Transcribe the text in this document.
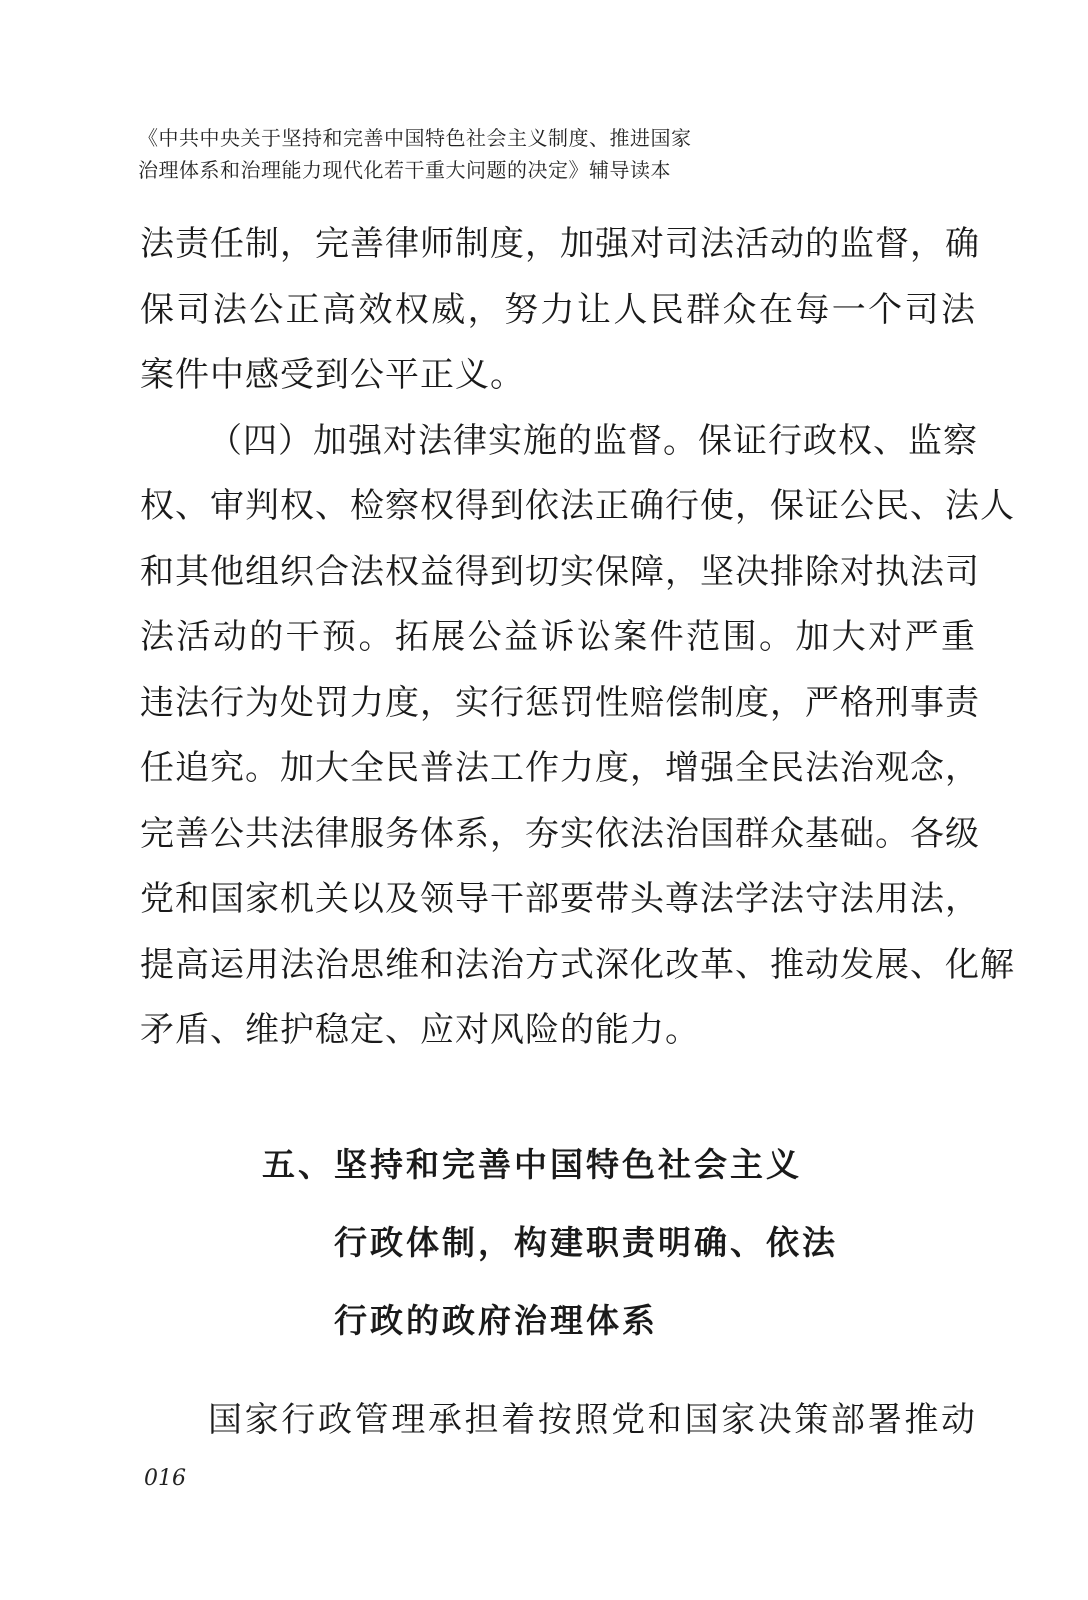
《中共中央关于坚持和完善中国特色社会主义制度、推进国家
治理体系和治理能力现代化若干重大问题的决定》辅导读本
法责任制，完善律师制度，加强对司法活动的监督，确
保司法公正高效权威，努力让人民群众在每一个司法
案件中感受到公平正义。
（四）加强对法律实施的监督。保证行政权、监察
权、审判权、检察权得到依法正确行使，保证公民、法人
和其他组织合法权益得到切实保障，坚决排除对执法司
法活动的干预。拓展公益诉讼案件范围。加大对严重
违法行为处罚力度，实行惩罚性赔偿制度，严格刑事责
任追究。加大全民普法工作力度，增强全民法治观念，
完善公共法律服务体系，夯实依法治国群众基础。各级
党和国家机关以及领导干部要带头尊法学法守法用法，
提高运用法治思维和法治方式深化改革、推动发展、化解
矛盾、维护稳定、应对风险的能力。
五、坚持和完善中国特色社会主义
行政体制，构建职责明确、依法
行政的政府治理体系
国家行政管理承担着按照党和国家决策部署推动
016
